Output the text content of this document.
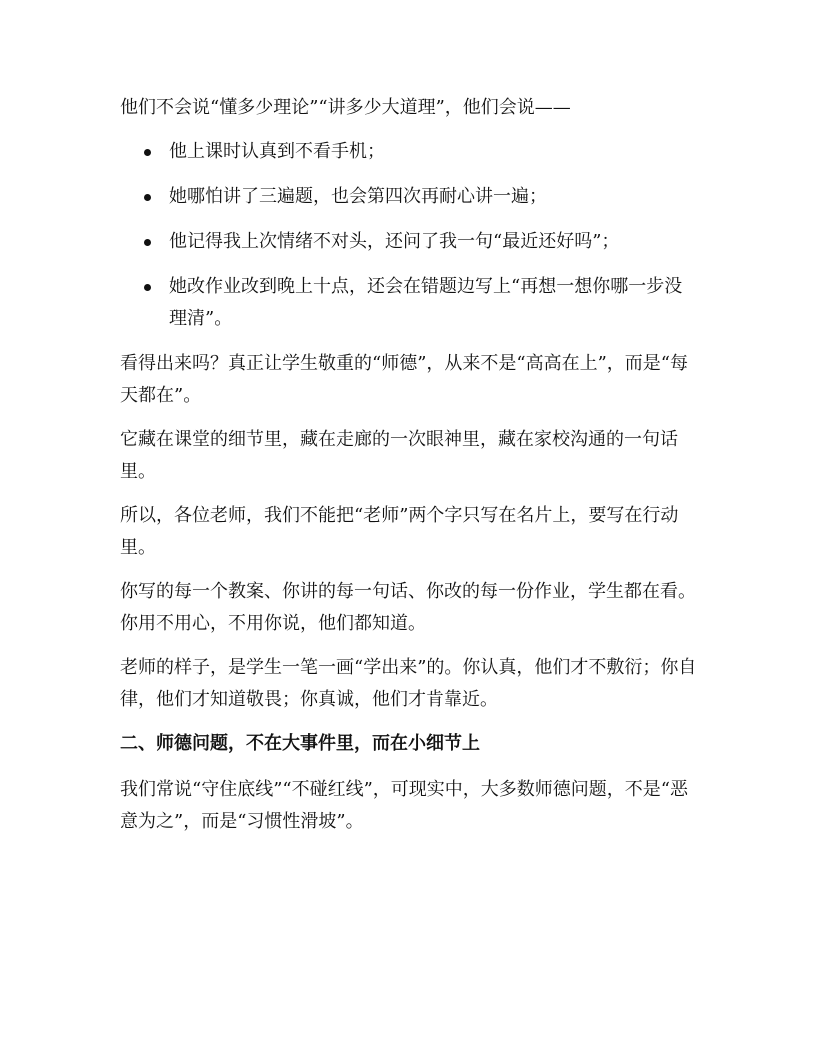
他们不会说“懂多少理论”“讲多少大道理”，他们会说——

他上课时认真到不看手机；
她哪怕讲了三遍题，也会第四次再耐心讲一遍；
他记得我上次情绪不对头，还问了我一句“最近还好吗”；
她改作业改到晚上十点，还会在错题边写上“再想一想你哪一步没理清”。

看得出来吗？真正让学生敬重的“师德”，从来不是“高高在上”，而是“每天都在”。

它藏在课堂的细节里，藏在走廊的一次眼神里，藏在家校沟通的一句话里。

所以，各位老师，我们不能把“老师”两个字只写在名片上，要写在行动里。

你写的每一个教案、你讲的每一句话、你改的每一份作业，学生都在看。你用不用心，不用你说，他们都知道。

老师的样子，是学生一笔一画“学出来”的。你认真，他们才不敷衍；你自律，他们才知道敬畏；你真诚，他们才肯靠近。

二、师德问题，不在大事件里，而在小细节上

我们常说“守住底线”“不碰红线”，可现实中，大多数师德问题，不是“恶意为之”，而是“习惯性滑坡”。
